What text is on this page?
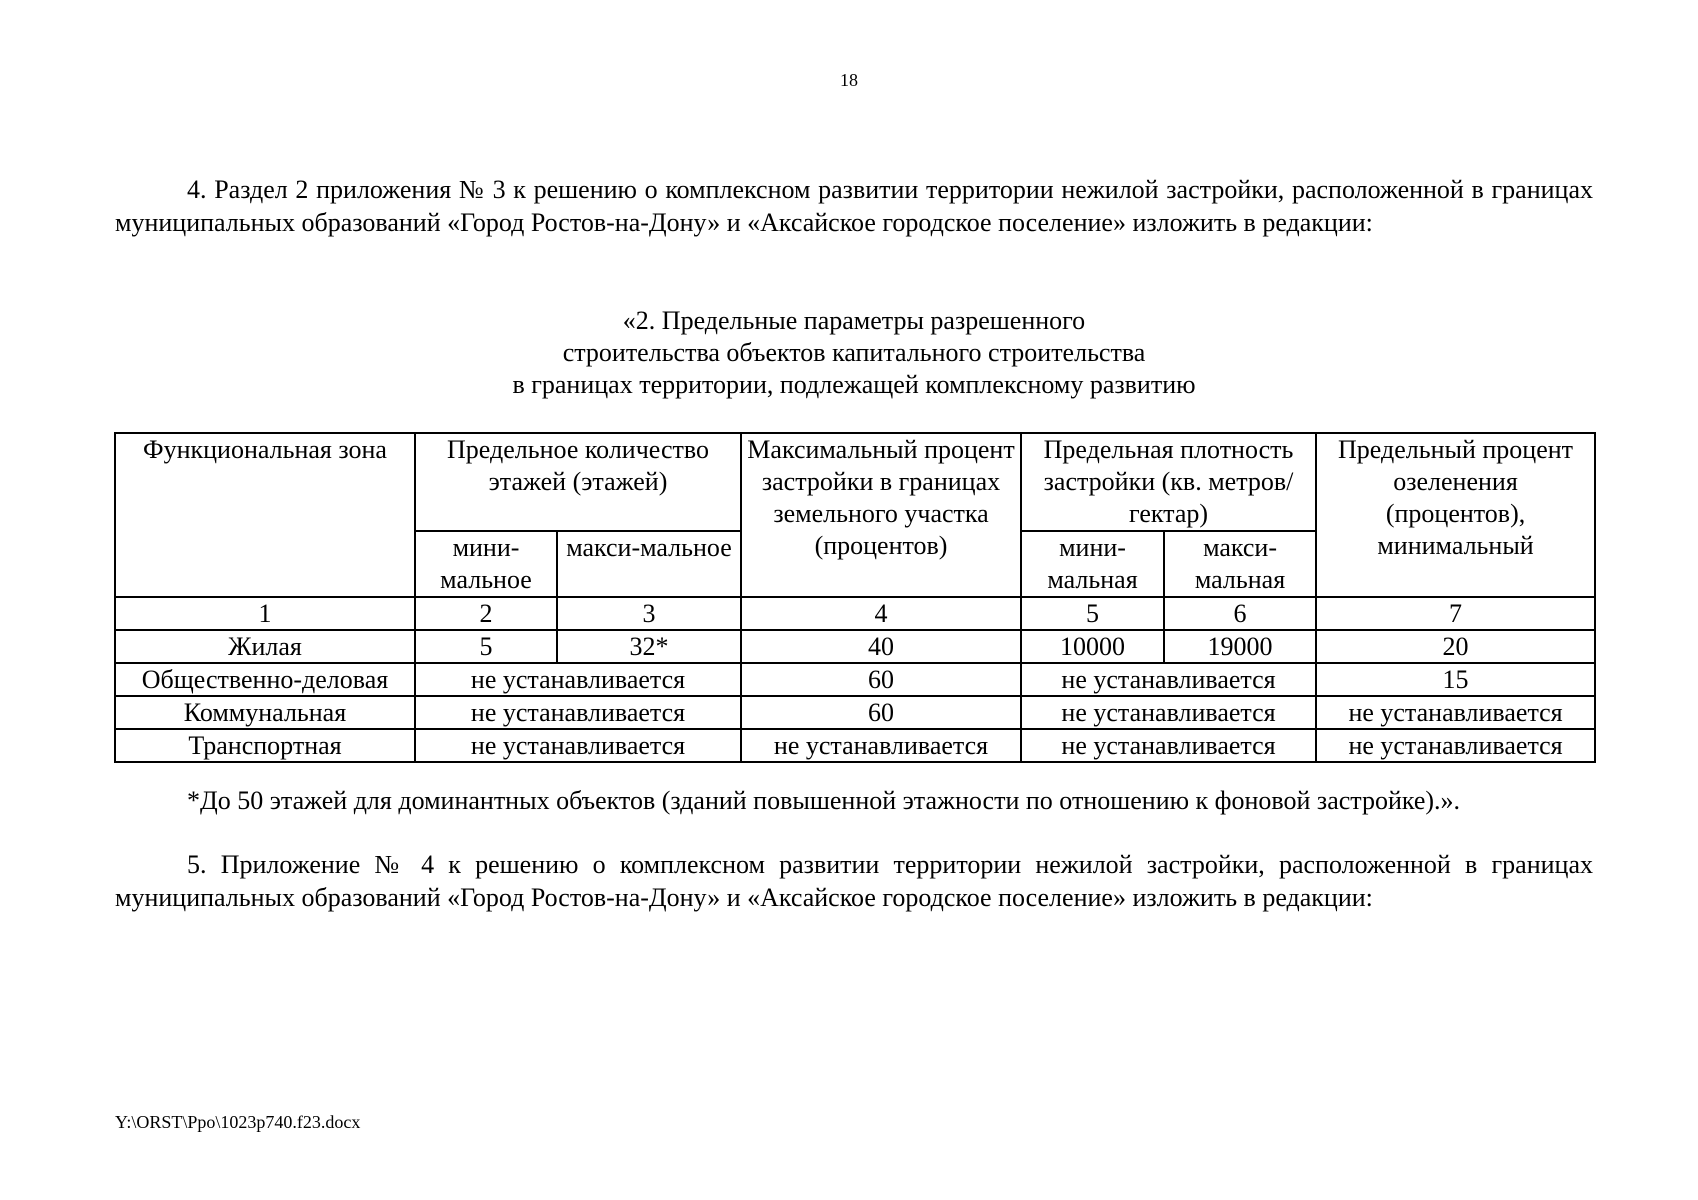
18
4. Раздел 2 приложения № 3 к решению о комплексном развитии территории нежилой застройки, расположенной в границах муниципальных образований «Город Ростов-на-Дону» и «Аксайское городское поселение» изложить в редакции:
«2. Предельные параметры разрешенного
строительства объектов капитального строительства
в границах территории, подлежащей комплексному развитию
Функциональная зона	Предельное количество этажей (этажей)		Максимальный процент застройки в границах земельного участка (процентов)	Предельная плотность застройки (кв. метров/гектар)		Предельный процент озеленения (процентов), минимальный
	мини-мальное	макси-мальное		мини-мальная	макси-мальная	
1	2	3	4	5	6	7
Жилая	5	32*	40	10000	19000	20
Общественно-деловая	не устанавливается		60	не устанавливается		15
Коммунальная	не устанавливается		60	не устанавливается		не устанавливается
Транспортная	не устанавливается		не устанавливается	не устанавливается		не устанавливается
*До 50 этажей для доминантных объектов (зданий повышенной этажности по отношению к фоновой застройке).».
5. Приложение № 4 к решению о комплексном развитии территории нежилой застройки, расположенной в границах муниципальных образований «Город Ростов-на-Дону» и «Аксайское городское поселение» изложить в редакции:
Y:\ORST\Ppo\1023p740.f23.docx
